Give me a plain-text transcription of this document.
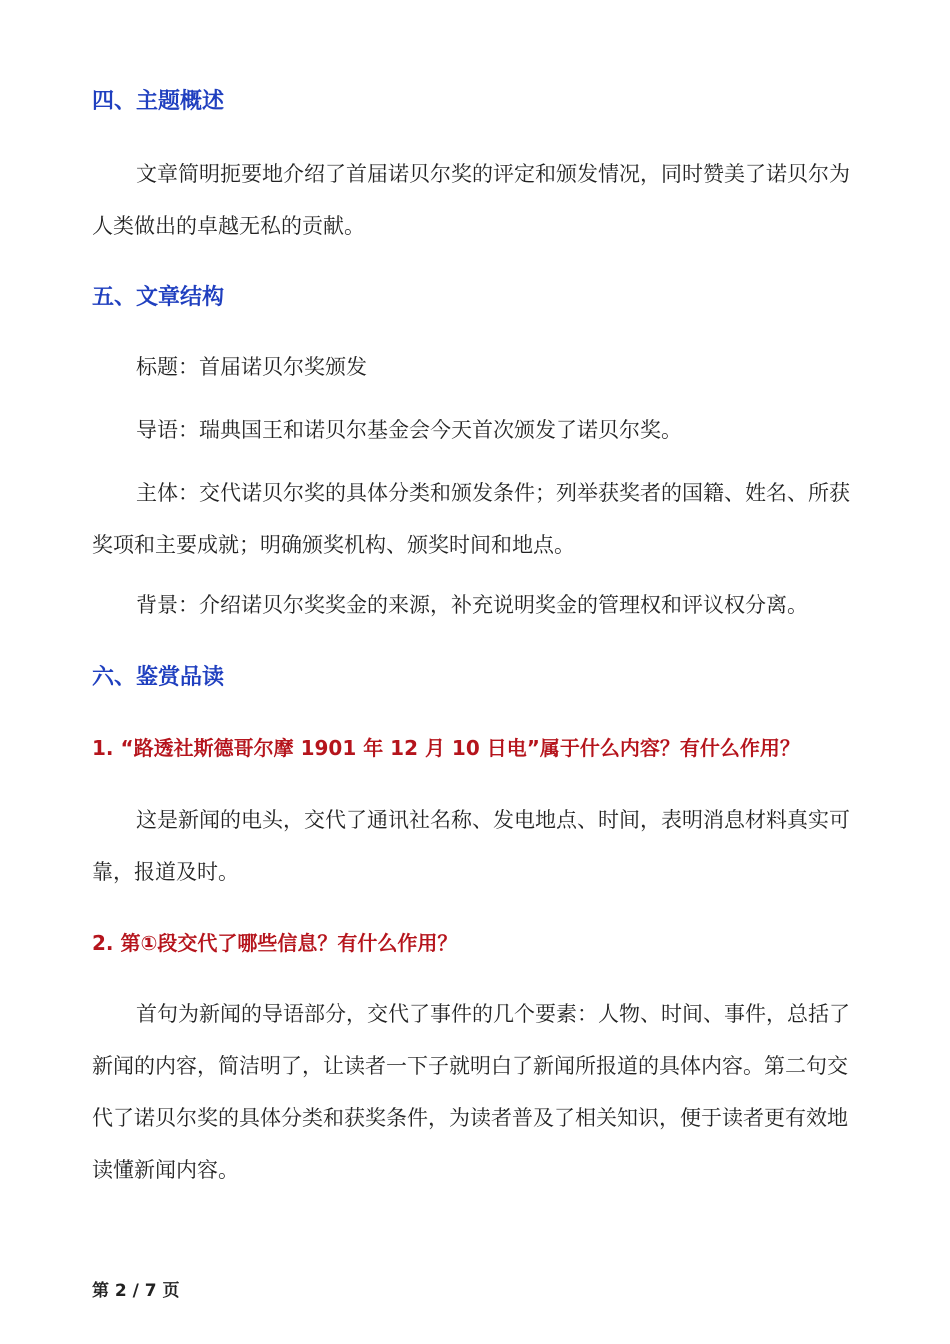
四、主题概述

文章简明扼要地介绍了首届诺贝尔奖的评定和颁发情况，同时赞美了诺贝尔为人类做出的卓越无私的贡献。

五、文章结构

标题：首届诺贝尔奖颁发

导语：瑞典国王和诺贝尔基金会今天首次颁发了诺贝尔奖。

主体：交代诺贝尔奖的具体分类和颁发条件；列举获奖者的国籍、姓名、所获奖项和主要成就；明确颁奖机构、颁奖时间和地点。

背景：介绍诺贝尔奖奖金的来源，补充说明奖金的管理权和评议权分离。

六、鉴赏品读
1. “路透社斯德哥尔摩 1901 年 12 月 10 日电”属于什么内容？有什么作用？

这是新闻的电头，交代了通讯社名称、发电地点、时间，表明消息材料真实可靠，报道及时。

2. 第①段交代了哪些信息？有什么作用？

首句为新闻的导语部分，交代了事件的几个要素：人物、时间、事件，总括了新闻的内容，简洁明了，让读者一下子就明白了新闻所报道的具体内容。第二句交代了诺贝尔奖的具体分类和获奖条件，为读者普及了相关知识，便于读者更有效地读懂新闻内容。

第 2 / 7 页
